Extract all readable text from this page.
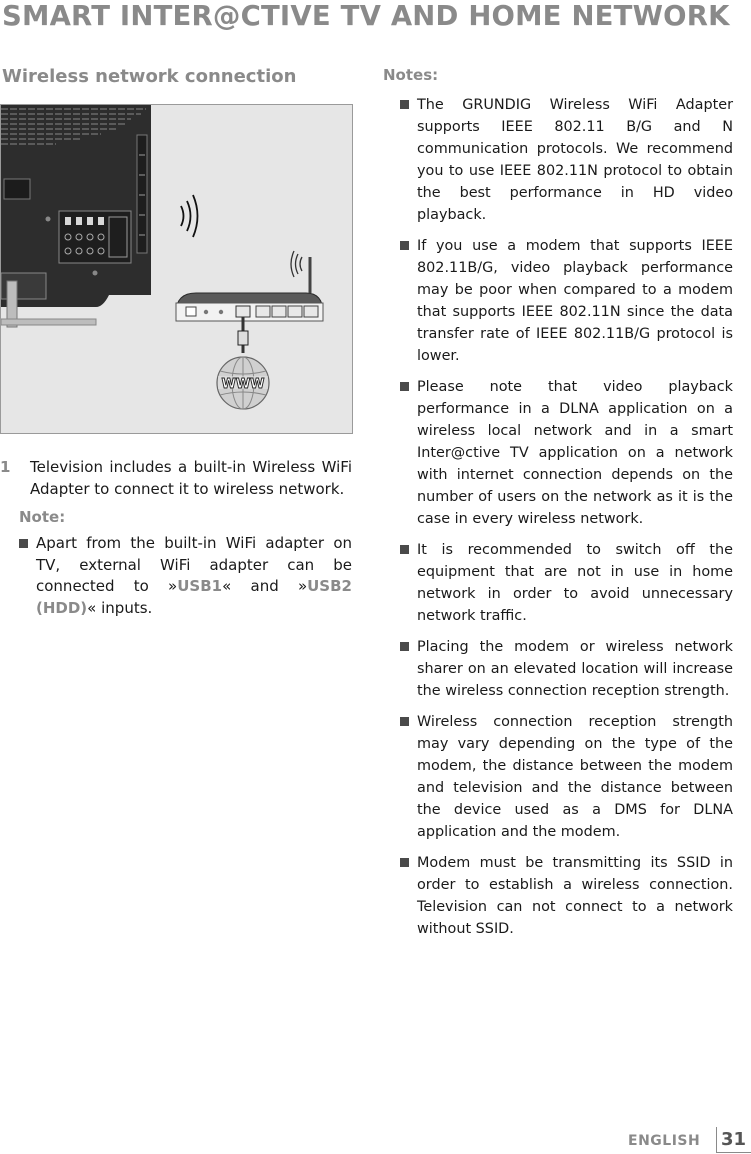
SMART INTER@CTIVE TV AND HOME NETWORK
Wireless network connection
WWW
1 Television includes a built-in Wireless WiFi Adapter to connect it to wireless network.
Note:
Apart from the built-in WiFi adapter on TV, external WiFi adapter can be connected to »USB1« and »USB2 (HDD)« inputs.
Notes:
The GRUNDIG Wireless WiFi Adapter supports IEEE 802.11 B/G and N communication protocols. We recommend you to use IEEE 802.11N protocol to obtain the best performance in HD video playback.
If you use a modem that supports IEEE 802.11B/G, video playback performance may be poor when compared to a modem that supports IEEE 802.11N since the data transfer rate of IEEE 802.11B/G protocol is lower.
Please note that video playback performance in a DLNA application on a wireless local network and in a smart Inter@ctive TV application on a network with internet connection depends on the number of users on the network as it is the case in every wireless network.
It is recommended to switch off the equipment that are not in use in home network in order to avoid unnecessary network traffic.
Placing the modem or wireless network sharer on an elevated location will increase the wireless connection reception strength.
Wireless connection reception strength may vary depending on the type of the modem, the distance between the modem and television and the distance between the device used as a DMS for DLNA application and the modem.
Modem must be transmitting its SSID in order to establish a wireless connection. Television can not connect to a network without SSID.
ENGLISH 31
